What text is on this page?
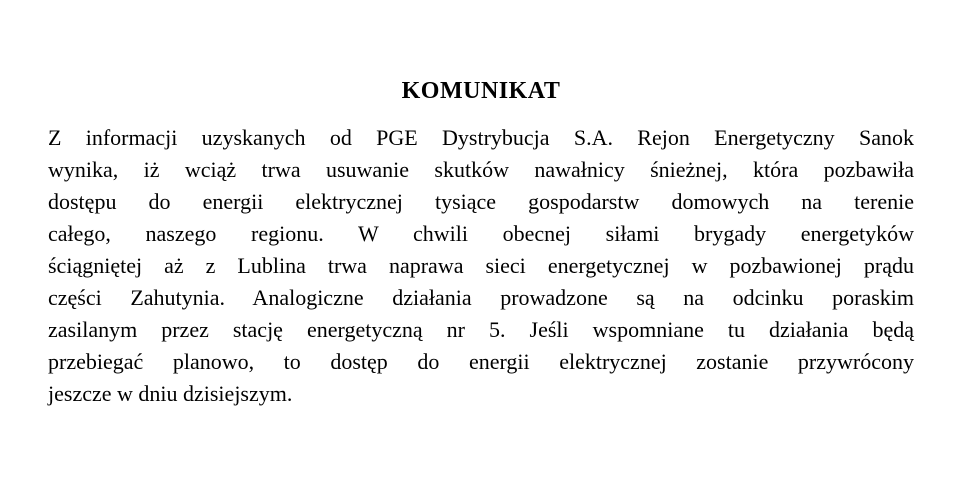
KOMUNIKAT
Z informacji uzyskanych od PGE Dystrybucja S.A. Rejon Energetyczny Sanok
wynika, iż wciąż trwa usuwanie skutków nawałnicy śnieżnej, która pozbawiła
dostępu do energii elektrycznej tysiące gospodarstw domowych na terenie
całego, naszego regionu. W chwili obecnej siłami brygady energetyków
ściągniętej aż z Lublina trwa naprawa sieci energetycznej w pozbawionej prądu
części Zahutynia. Analogiczne działania prowadzone są na odcinku poraskim
zasilanym przez stację energetyczną nr 5. Jeśli wspomniane tu działania będą
przebiegać planowo, to dostęp do energii elektrycznej zostanie przywrócony
jeszcze w dniu dzisiejszym.
